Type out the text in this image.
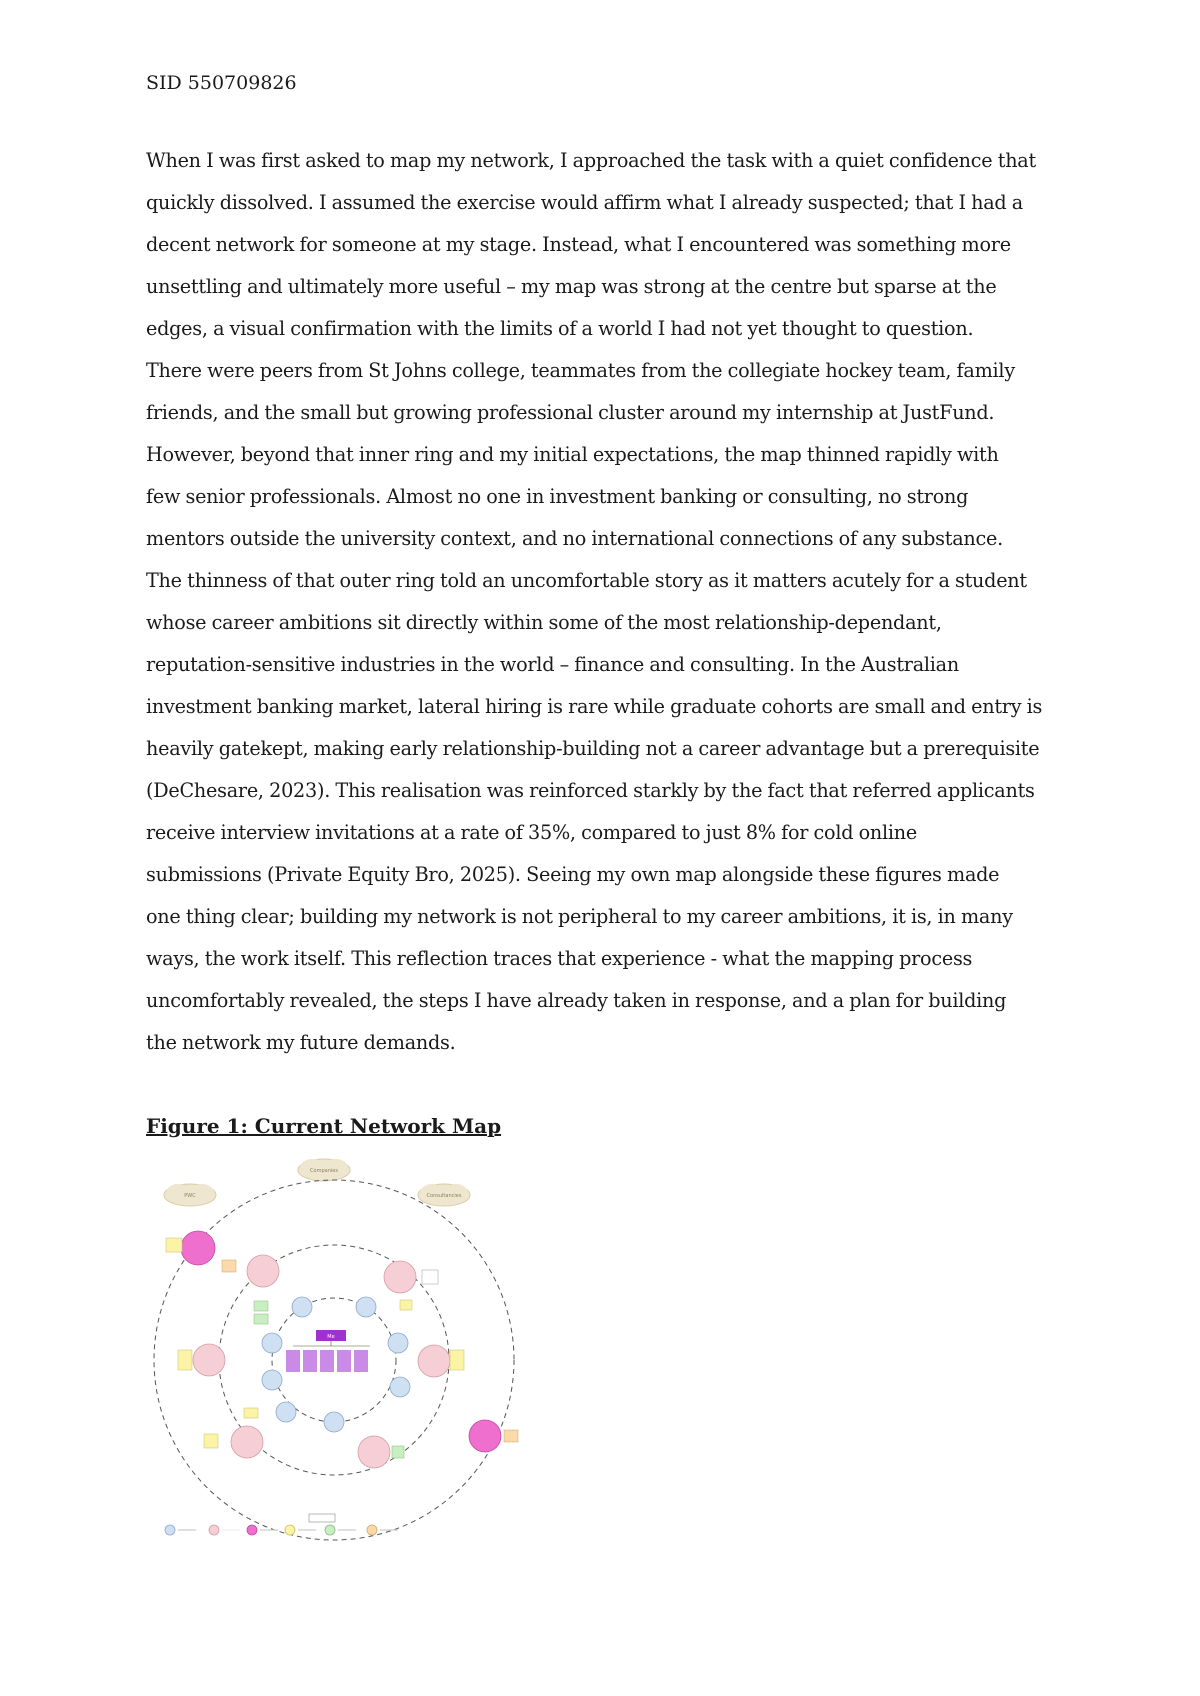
SID 550709826
When I was first asked to map my network, I approached the task with a quiet confidence that
quickly dissolved. I assumed the exercise would affirm what I already suspected; that I had a
decent network for someone at my stage. Instead, what I encountered was something more
unsettling and ultimately more useful – my map was strong at the centre but sparse at the
edges, a visual confirmation with the limits of a world I had not yet thought to question.
There were peers from St Johns college, teammates from the collegiate hockey team, family
friends, and the small but growing professional cluster around my internship at JustFund.
However, beyond that inner ring and my initial expectations, the map thinned rapidly with
few senior professionals. Almost no one in investment banking or consulting, no strong
mentors outside the university context, and no international connections of any substance.
The thinness of that outer ring told an uncomfortable story as it matters acutely for a student
whose career ambitions sit directly within some of the most relationship-dependant,
reputation-sensitive industries in the world – finance and consulting. In the Australian
investment banking market, lateral hiring is rare while graduate cohorts are small and entry is
heavily gatekept, making early relationship-building not a career advantage but a prerequisite
(DeChesare, 2023). This realisation was reinforced starkly by the fact that referred applicants
receive interview invitations at a rate of 35%, compared to just 8% for cold online
submissions (Private Equity Bro, 2025). Seeing my own map alongside these figures made
one thing clear; building my network is not peripheral to my career ambitions, it is, in many
ways, the work itself. This reflection traces that experience - what the mapping process
uncomfortably revealed, the steps I have already taken in response, and a plan for building
the network my future demands.
Figure 1: Current Network Map
PWC
Companies
Consultancies
Me
